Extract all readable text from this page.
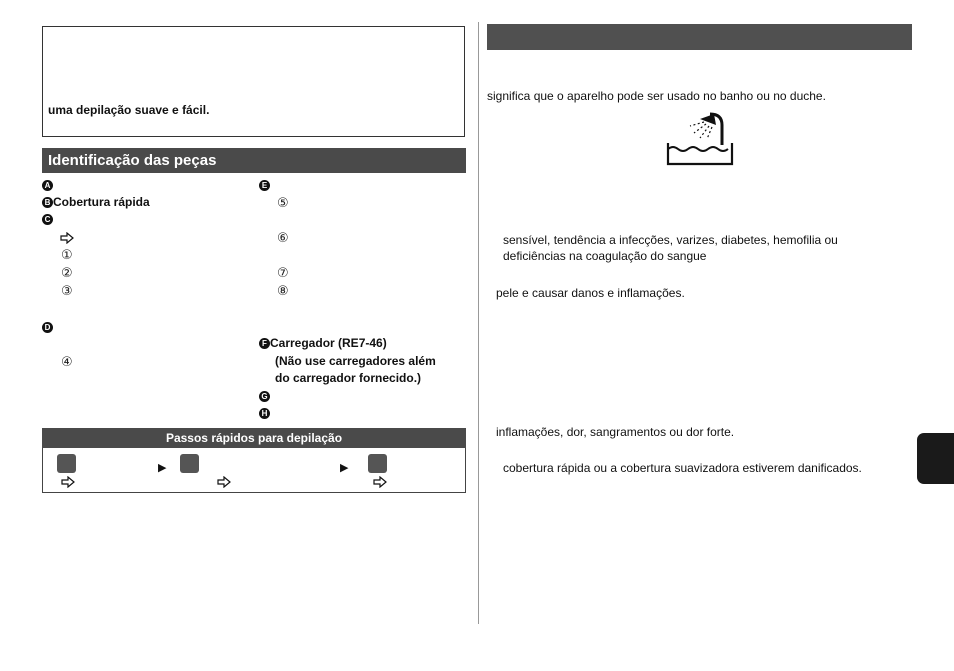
uma depilação suave e fácil.
Identificação das peças
A
B Cobertura rápida
C
①
②
③
D
④
E
⑤
⑥
⑦
⑧
F Carregador (RE7-46)
(Não use carregadores além
do carregador fornecido.)
G
H
Passos rápidos para depilação
▶	▶
significa que o aparelho pode ser usado no banho ou no duche.
sensível, tendência a infecções, varizes, diabetes, hemofilia ou
deficiências na coagulação do sangue
pele e causar danos e inflamações.
inflamações, dor, sangramentos ou dor forte.
cobertura rápida ou a cobertura suavizadora estiverem danificados.
